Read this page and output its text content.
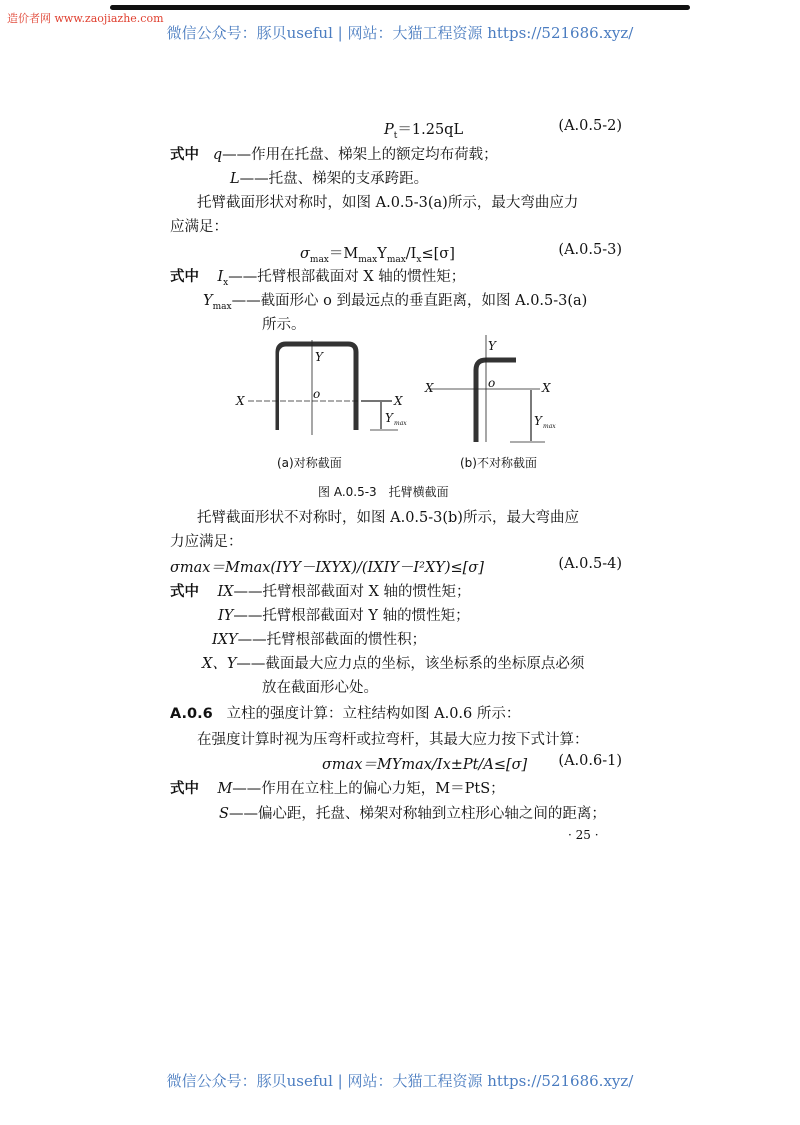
造价者网 www.zaojiazhe.com
微信公众号：豚贝useful | 网站：大猫工程资源 https://521686.xyz/
$P_t=1.25qL$	(A.0.5-2)
式中 q——作用在托盘、梯架上的额定均布荷载；
L——托盘、梯架的支承跨距。
托臂截面形状对称时，如图 A.0.5-3(a)所示，最大弯曲应力
应满足：
$\sigma_{max}=M_{max}Y_{max}/I_x\le[\sigma]$	(A.0.5-3)
式中 $I_x——$托臂根部截面对 X 轴的惯性矩；
$Y_{max}——$截面形心 o 到最远点的垂直距离，如图 A.0.5-3(a)
所示。
X	X
Y
o
Y max
X	X
Y
o
Y max
(a)对称截面	(b)不对称截面
图 A.0.5-3　托臂横截面
托臂截面形状不对称时，如图 A.0.5-3(b)所示，最大弯曲应
力应满足：
σmax＝Mmax(IYY－IXYX)/(IXIY－I²XY)≤[σ]	(A.0.5-4)
式中 IX——托臂根部截面对 X 轴的惯性矩；
IY——托臂根部截面对 Y 轴的惯性矩；
IXY——托臂根部截面的惯性积；
X、Y——截面最大应力点的坐标，该坐标系的坐标原点必须
放在截面形心处。
A.0.6 立柱的强度计算：立柱结构如图 A.0.6 所示：
在强度计算时视为压弯杆或拉弯杆，其最大应力按下式计算：
σmax＝MYmax/Ix±Pt/A≤[σ] (A.0.6-1)
式中 M——作用在立柱上的偏心力矩，M＝PtS；
S——偏心距，托盘、梯架对称轴到立柱形心轴之间的距离；
· 25 ·
微信公众号：豚贝useful | 网站：大猫工程资源 https://521686.xyz/
